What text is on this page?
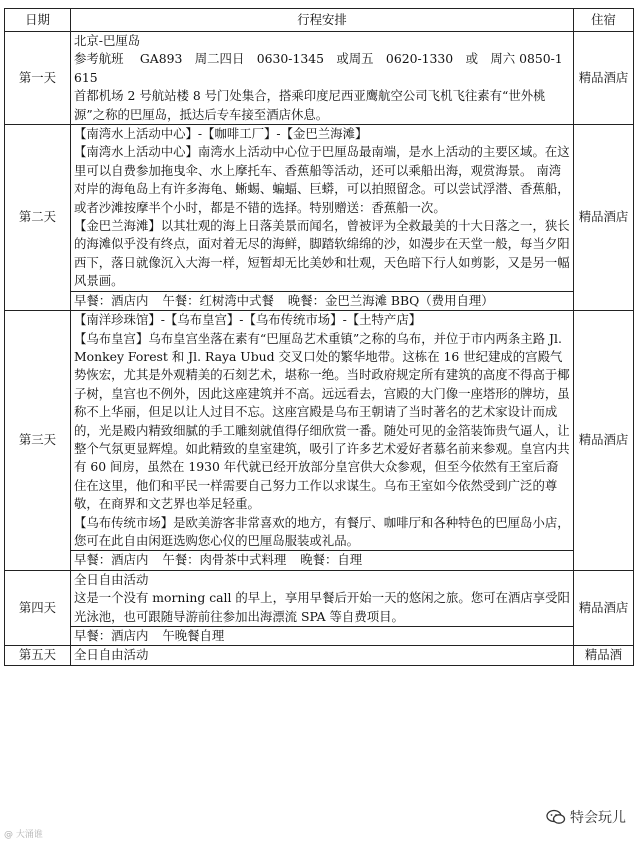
日期	行程安排	住宿
第一天	北京-巴厘岛
参考航班　 GA893　周二四日　0630-1345　或周五　0620-1330　或　周六 0850-1615
首都机场 2 号航站楼 8 号门处集合，搭乘印度尼西亚鹰航空公司飞机飞往素有“世外桃源”之称的巴厘岛，抵达后专车接至酒店休息。	精品酒店
第二天	【南湾水上活动中心】-【咖啡工厂】-【金巴兰海滩】
【南湾水上活动中心】南湾水上活动中心位于巴厘岛最南端，是水上活动的主要区域。在这里可以自费参加拖曳伞、水上摩托车、香蕉船等活动，还可以乘船出海，观赏海景。 南湾对岸的海龟岛上有许多海龟、蜥蜴、蝙蝠、巨蟒，可以拍照留念。可以尝试浮潜、香蕉船，或者沙滩按摩半个小时，都是不错的选择。特别赠送：香蕉船一次。
【金巴兰海滩】以其壮观的海上日落美景而闻名，曾被评为全救最美的十大日落之一，狭长的海滩似乎没有终点，面对着无尽的海鲜，脚踏软绵绵的沙，如漫步在天堂一般，每当夕阳西下，落日就像沉入大海一样，短暂却无比美妙和壮观，天色暗下行人如剪影，又是另一幅风景画。
早餐：酒店内 午餐：红树湾中式餐 晚餐：金巴兰海滩 BBQ（费用自理）	精品酒店
第三天	【南洋珍珠馆】-【乌布皇宫】-【乌布传统市场】-【土特产店】
【乌布皇宫】乌布皇宫坐落在素有“巴厘岛艺术重镇”之称的乌布，并位于市内两条主路 Jl. Monkey Forest 和 Jl. Raya Ubud 交叉口处的繁华地带。这栋在 16 世纪建成的宫殿气势恢宏，尤其是外观精美的石刻艺术，堪称一绝。当时政府规定所有建筑的高度不得高于椰子树，皇宫也不例外，因此这座建筑并不高。远远看去，宫殿的大门像一座塔形的牌坊，虽称不上华丽，但足以让人过目不忘。这座宫殿是乌布王朝请了当时著名的艺术家设计而成的，光是殿内精致细腻的手工雕刻就值得仔细欣赏一番。随处可见的金箔装饰贵气逼人，让整个气氛更显辉煌。如此精致的皇室建筑，吸引了许多艺术爱好者慕名前来参观。皇宫内共有 60 间房，虽然在 1930 年代就已经开放部分皇宫供大众参观，但至今依然有王室后裔住在这里，他们和平民一样需要自己努力工作以求谋生。乌布王室如今依然受到广泛的尊敬，在商界和文艺界也举足轻重。
【乌布传统市场】是欧美游客非常喜欢的地方，有餐厅、咖啡厅和各种特色的巴厘岛小店，您可在此自由闲逛选购您心仪的巴厘岛服装或礼品。
早餐：酒店内 午餐：肉骨茶中式料理 晚餐：自理	精品酒店
第四天	全日自由活动
这是一个没有 morning call 的早上，享用早餐后开始一天的悠闲之旅。您可在酒店享受阳光泳池，也可跟随导游前往参加出海漂流 SPA 等自费项目。
早餐：酒店内 午晚餐自理	精品酒店
第五天	全日自由活动	精品酒
@ 大涌谁
特会玩儿
